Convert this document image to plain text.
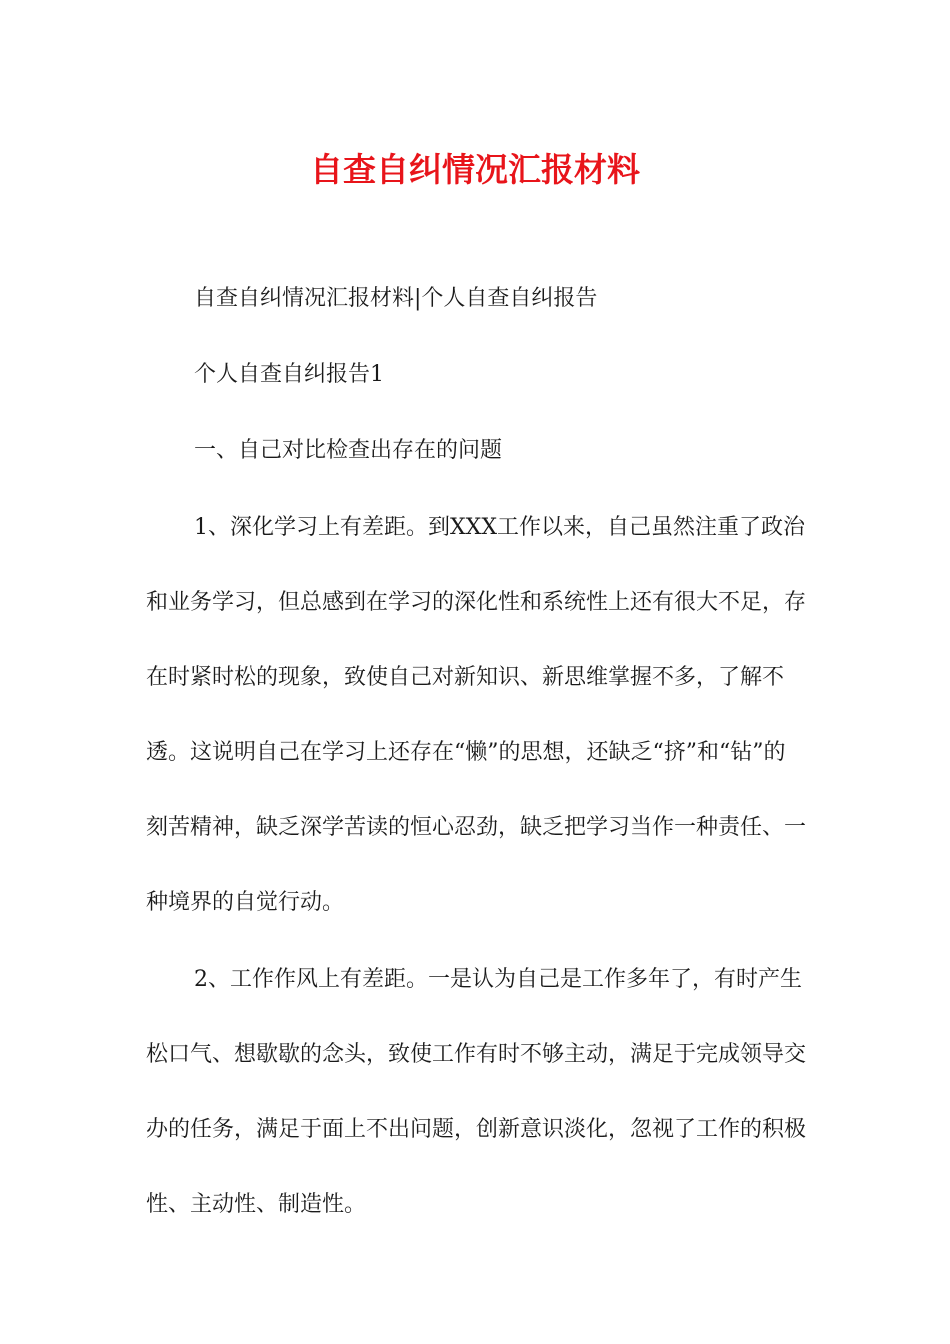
自查自纠情况汇报材料

自查自纠情况汇报材料|个人自查自纠报告

个人自查自纠报告1

一、自己对比检查出存在的问题

1、深化学习上有差距。到XXX工作以来，自己虽然注重了政治和业务学习，但总感到在学习的深化性和系统性上还有很大不足，存在时紧时松的现象，致使自己对新知识、新思维掌握不多，了解不透。这说明自己在学习上还存在“懒”的思想，还缺乏“挤”和“钻”的刻苦精神，缺乏深学苦读的恒心忍劲，缺乏把学习当作一种责任、一种境界的自觉行动。

2、工作作风上有差距。一是认为自己是工作多年了，有时产生松口气、想歇歇的念头，致使工作有时不够主动，满足于完成领导交办的任务，满足于面上不出问题，创新意识淡化，忽视了工作的积极性、主动性、制造性。
